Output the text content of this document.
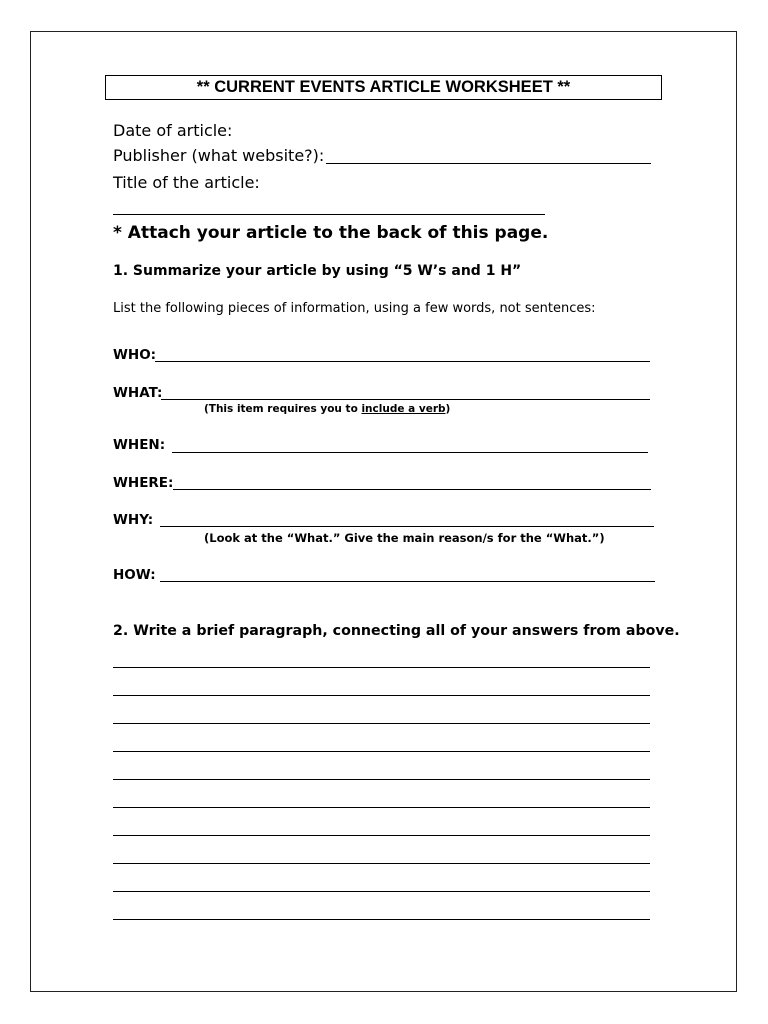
** CURRENT EVENTS ARTICLE WORKSHEET **
Date of article:
Publisher (what website?):
Title of the article:
* Attach your article to the back of this page.
1. Summarize your article by using “5 W’s and 1 H”
List the following pieces of information, using a few words, not sentences:
WHO:
WHAT:
(This item requires you to include a verb)
WHEN:
WHERE:
WHY:
(Look at the “What.” Give the main reason/s for the “What.”)
HOW:
2. Write a brief paragraph, connecting all of your answers from above.
